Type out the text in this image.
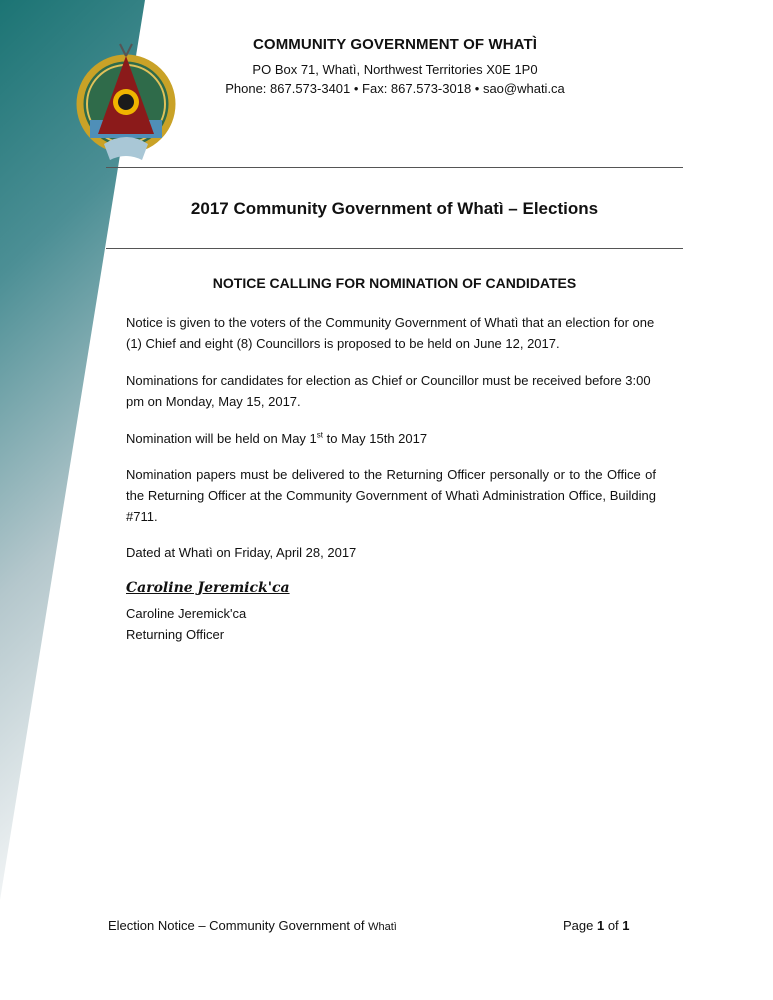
COMMUNITY GOVERNMENT OF WHATÌ
PO Box 71, Whatì, Northwest Territories X0E 1P0
Phone: 867.573-3401 • Fax: 867.573-3018 • sao@whati.ca
2017 Community Government of Whatì – Elections
NOTICE CALLING FOR NOMINATION OF CANDIDATES
Notice is given to the voters of the Community Government of Whatì that an election for one (1) Chief and eight (8) Councillors is proposed to be held on June 12, 2017.
Nominations for candidates for election as Chief or Councillor must be received before 3:00 pm on Monday, May 15, 2017.
Nomination will be held on May 1st to May 15th 2017
Nomination papers must be delivered to the Returning Officer personally or to the Office of the Returning Officer at the Community Government of Whatì Administration Office, Building #711.
Dated at Whatì on Friday, April 28, 2017
Caroline Jeremick'ca
Caroline Jeremick'ca
Returning Officer
Election Notice – Community Government of Whatì	Page 1 of 1
